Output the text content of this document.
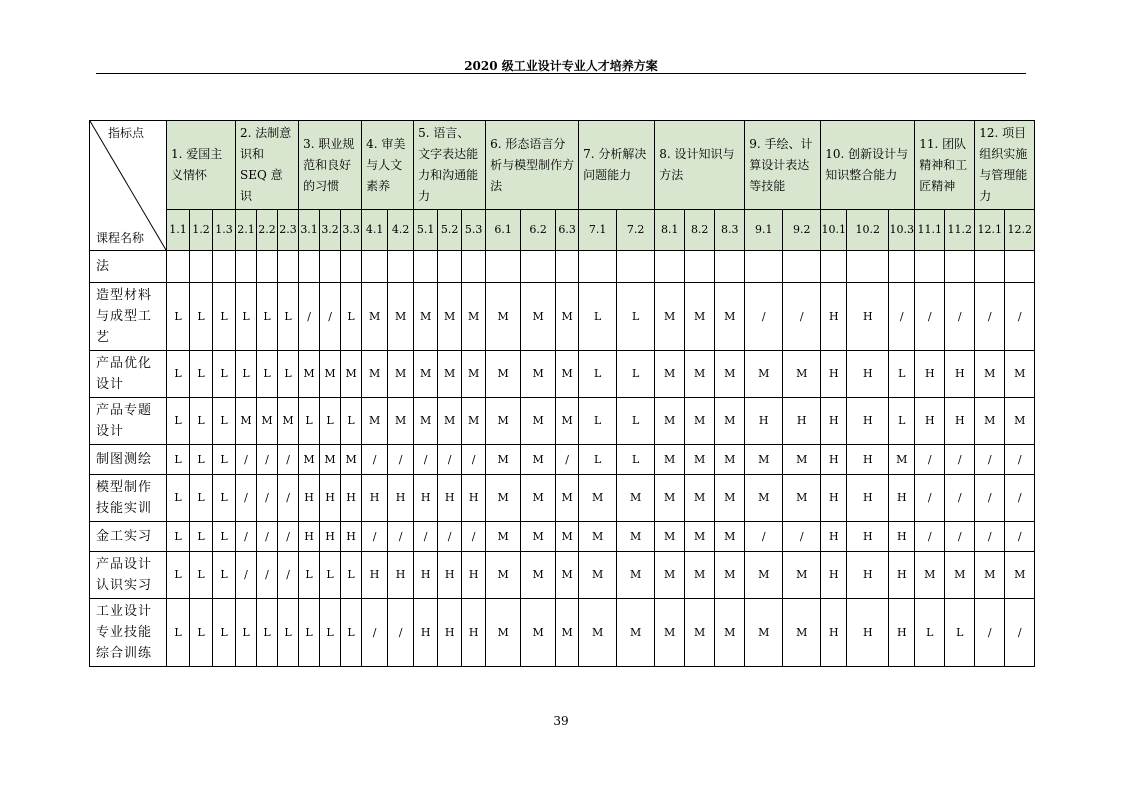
2020 级工业设计专业人才培养方案
指标点
课程名称	1. 爱国主义情怀			2. 法制意识和 SEQ 意识			3. 职业规范和良好的习惯			4. 审美与人文素养		5. 语言、文字表达能力和沟通能力			6. 形态语言分析与模型制作方法			7. 分析解决问题能力		8. 设计知识与方法			9. 手绘、计算设计表达等技能		10. 创新设计与知识整合能力			11. 团队精神和工匠精神		12. 项目组织实施与管理能力	
	1.1	1.2	1.3	2.1	2.2	2.3	3.1	3.2	3.3	4.1	4.2	5.1	5.2	5.3	6.1	6.2	6.3	7.1	7.2	8.1	8.2	8.3	9.1	9.2	10.1	10.2	10.3	11.1	11.2	12.1	12.2
法																															
造型材料与成型工艺	L	L	L	L	L	L	/	/	L	M	M	M	M	M	M	M	M	L	L	M	M	M	/	/	H	H	/	/	/	/	/
产品优化设计	L	L	L	L	L	L	M	M	M	M	M	M	M	M	M	M	M	L	L	M	M	M	M	M	H	H	L	H	H	M	M
产品专题设计	L	L	L	M	M	M	L	L	L	M	M	M	M	M	M	M	M	L	L	M	M	M	H	H	H	H	L	H	H	M	M
制图测绘	L	L	L	/	/	/	M	M	M	/	/	/	/	/	M	M	/	L	L	M	M	M	M	M	H	H	M	/	/	/	/
模型制作技能实训	L	L	L	/	/	/	H	H	H	H	H	H	H	H	M	M	M	M	M	M	M	M	M	M	H	H	H	/	/	/	/
金工实习	L	L	L	/	/	/	H	H	H	/	/	/	/	/	M	M	M	M	M	M	M	M	/	/	H	H	H	/	/	/	/
产品设计认识实习	L	L	L	/	/	/	L	L	L	H	H	H	H	H	M	M	M	M	M	M	M	M	M	M	H	H	H	M	M	M	M
工业设计专业技能综合训练	L	L	L	L	L	L	L	L	L	/	/	H	H	H	M	M	M	M	M	M	M	M	M	M	H	H	H	L	L	/	/
39
